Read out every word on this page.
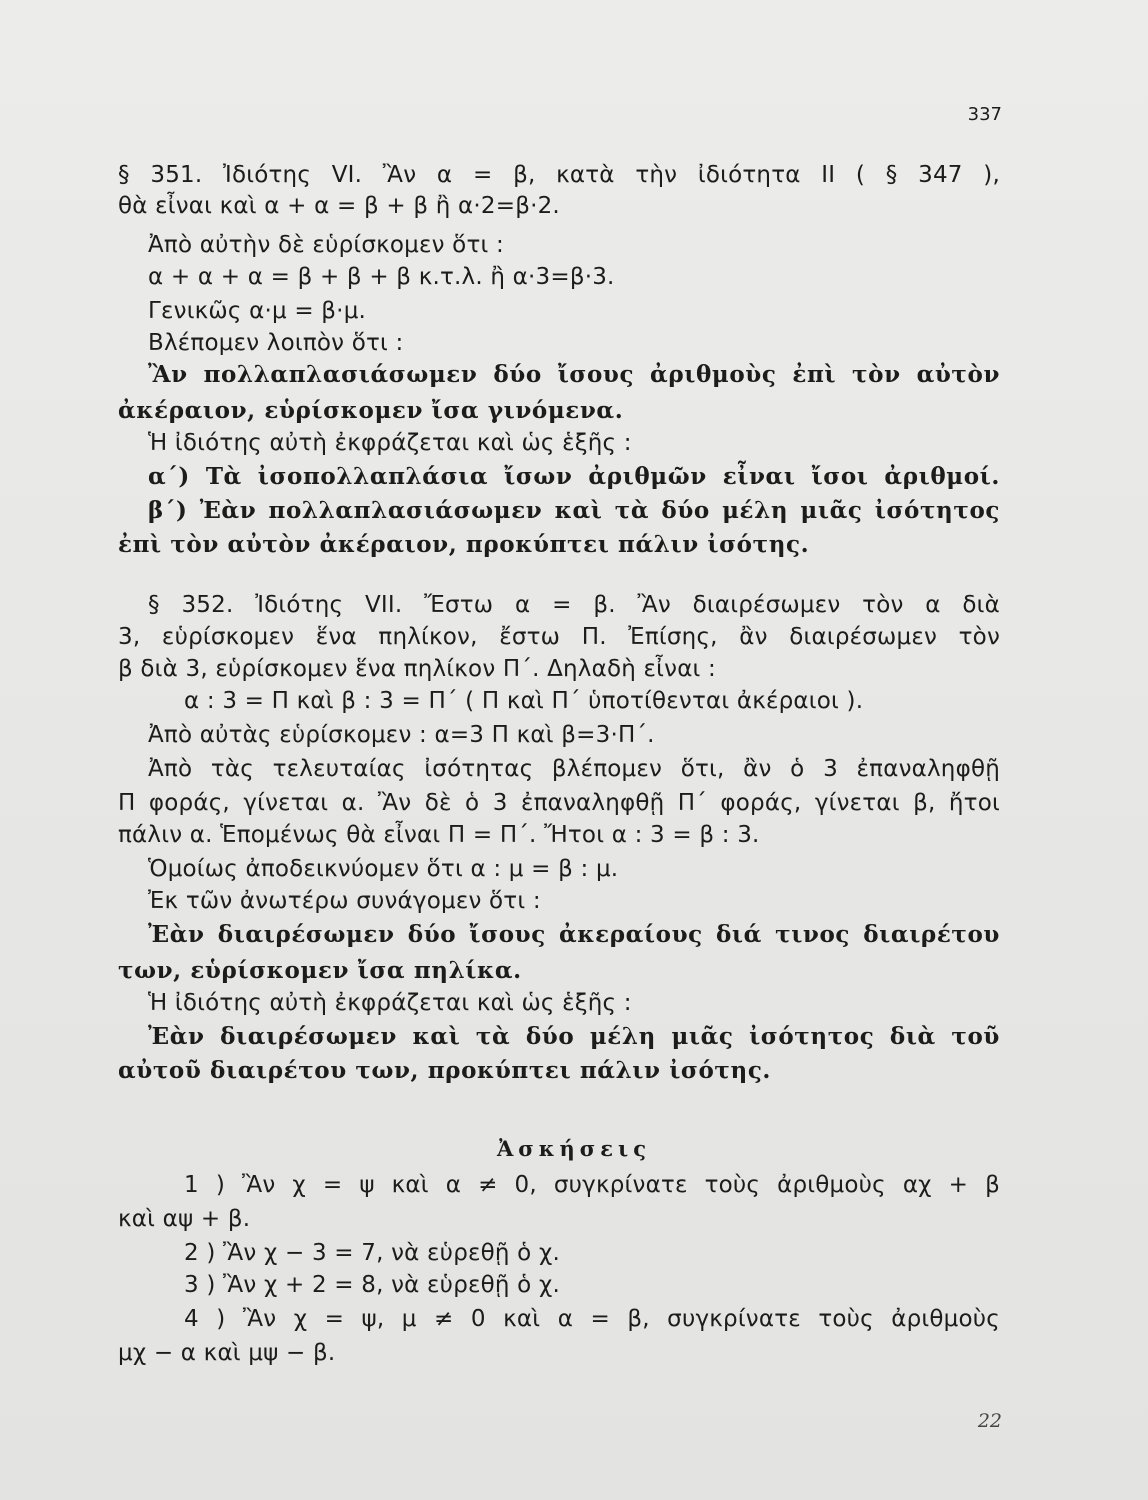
337
§ 351. Ἰδιότης VI. Ἂν α = β, κατὰ τὴν ἰδιότητα II ( § 347 ),
θὰ εἶναι καὶ α + α = β + β ἢ α·2=β·2.
Ἀπὸ αὐτὴν δὲ εὑρίσκομεν ὅτι :
α + α + α = β + β + β κ.τ.λ. ἢ α·3=β·3.
Γενικῶς α·μ = β·μ.
Βλέπομεν λοιπὸν ὅτι :
Ἂν πολλαπλασιάσωμεν δύο ἴσους ἀριθμοὺς ἐπὶ τὸν αὐτὸν
ἀκέραιον, εὑρίσκομεν ἴσα γινόμενα.
Ἡ ἰδιότης αὐτὴ ἐκφράζεται καὶ ὡς ἑξῆς :
α΄) Τὰ ἰσοπολλαπλάσια ἴσων ἀριθμῶν εἶναι ἴσοι ἀριθμοί.
β΄) Ἐὰν πολλαπλασιάσωμεν καὶ τὰ δύο μέλη μιᾶς ἰσότητος
ἐπὶ τὸν αὐτὸν ἀκέραιον, προκύπτει πάλιν ἰσότης.
§ 352. Ἰδιότης VII. Ἔστω α = β. Ἂν διαιρέσωμεν τὸν α διὰ
3, εὑρίσκομεν ἕνα πηλίκον, ἔστω Π. Ἐπίσης, ἂν διαιρέσωμεν τὸν
β διὰ 3, εὑρίσκομεν ἕνα πηλίκον Π΄. Δηλαδὴ εἶναι :
α : 3 = Π καὶ β : 3 = Π΄ ( Π καὶ Π΄ ὑποτίθενται ἀκέραιοι ).
Ἀπὸ αὐτὰς εὑρίσκομεν : α=3 Π καὶ β=3·Π΄.
Ἀπὸ τὰς τελευταίας ἰσότητας βλέπομεν ὅτι, ἂν ὁ 3 ἐπαναληφθῇ
Π φοράς, γίνεται α. Ἂν δὲ ὁ 3 ἐπαναληφθῇ Π΄ φοράς, γίνεται β, ἤτοι
πάλιν α. Ἑπομένως θὰ εἶναι Π = Π΄. Ἤτοι α : 3 = β : 3.
Ὁμοίως ἀποδεικνύομεν ὅτι α : μ = β : μ.
Ἐκ τῶν ἀνωτέρω συνάγομεν ὅτι :
Ἐὰν διαιρέσωμεν δύο ἴσους ἀκεραίους διά τινος διαιρέτου
των, εὑρίσκομεν ἴσα πηλίκα.
Ἡ ἰδιότης αὐτὴ ἐκφράζεται καὶ ὡς ἑξῆς :
Ἐὰν διαιρέσωμεν καὶ τὰ δύο μέλη μιᾶς ἰσότητος διὰ τοῦ
αὐτοῦ διαιρέτου των, προκύπτει πάλιν ἰσότης.
Ἀσκήσεις
1 ) Ἂν χ = ψ καὶ α ≠ 0, συγκρίνατε τοὺς ἀριθμοὺς αχ + β
καὶ αψ + β.
2 ) Ἂν χ − 3 = 7, νὰ εὑρεθῇ ὁ χ.
3 ) Ἂν χ + 2 = 8, νὰ εὑρεθῇ ὁ χ.
4 ) Ἂν χ = ψ, μ ≠ 0 καὶ α = β, συγκρίνατε τοὺς ἀριθμοὺς
μχ − α καὶ μψ − β.
22
